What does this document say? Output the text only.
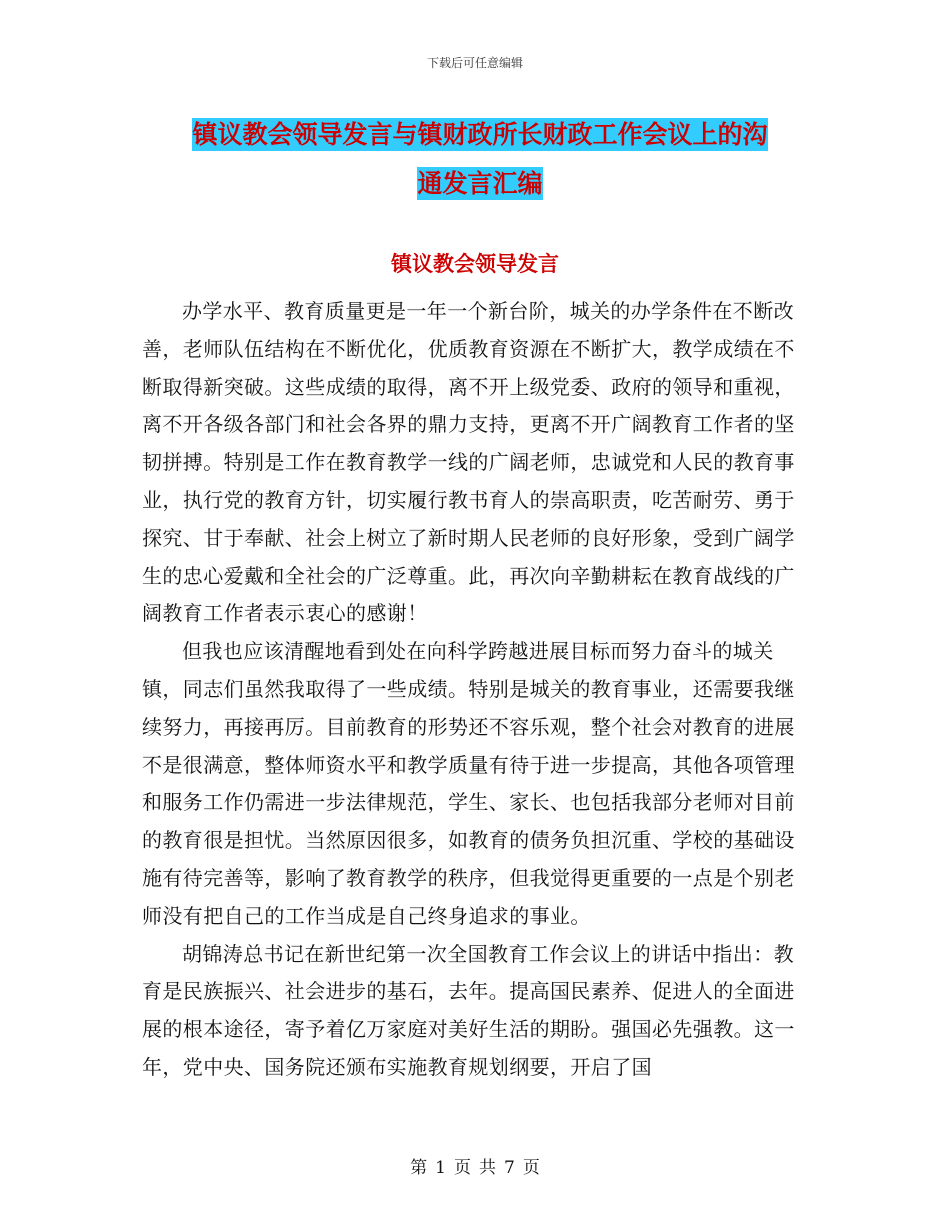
下载后可任意编辑
镇议教会领导发言与镇财政所长财政工作会议上的沟
通发言汇编
镇议教会领导发言

办学水平、教育质量更是一年一个新台阶，城关的办学条件在不断改善，老师队伍结构在不断优化，优质教育资源在不断扩大，教学成绩在不断取得新突破。这些成绩的取得，离不开上级党委、政府的领导和重视，离不开各级各部门和社会各界的鼎力支持，更离不开广阔教育工作者的坚韧拼搏。特别是工作在教育教学一线的广阔老师，忠诚党和人民的教育事业，执行党的教育方针，切实履行教书育人的崇高职责，吃苦耐劳、勇于探究、甘于奉献、社会上树立了新时期人民老师的良好形象，受到广阔学生的忠心爱戴和全社会的广泛尊重。此，再次向辛勤耕耘在教育战线的广阔教育工作者表示衷心的感谢！

但我也应该清醒地看到处在向科学跨越进展目标而努力奋斗的城关镇，同志们虽然我取得了一些成绩。特别是城关的教育事业，还需要我继续努力，再接再厉。目前教育的形势还不容乐观，整个社会对教育的进展不是很满意，整体师资水平和教学质量有待于进一步提高，其他各项管理和服务工作仍需进一步法律规范，学生、家长、也包括我部分老师对目前的教育很是担忧。当然原因很多，如教育的债务负担沉重、学校的基础设施有待完善等，影响了教育教学的秩序，但我觉得更重要的一点是个别老师没有把自己的工作当成是自己终身追求的事业。

胡锦涛总书记在新世纪第一次全国教育工作会议上的讲话中指出：教育是民族振兴、社会进步的基石，去年。提高国民素养、促进人的全面进展的根本途径，寄予着亿万家庭对美好生活的期盼。强国必先强教。这一年，党中央、国务院还颁布实施教育规划纲要，开启了国

第 1 页 共 7 页
